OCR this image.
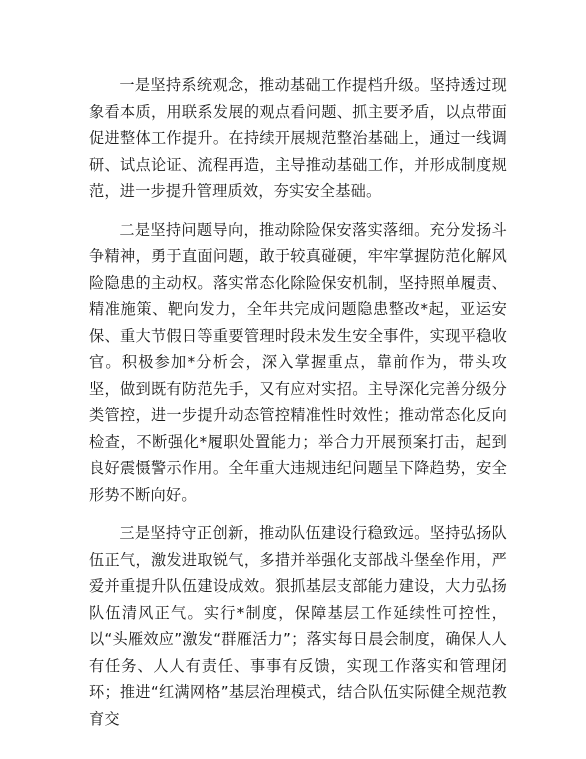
一是坚持系统观念，推动基础工作提档升级。坚持透过现象看本质，用联系发展的观点看问题、抓主要矛盾，以点带面促进整体工作提升。在持续开展规范整治基础上，通过一线调研、试点论证、流程再造，主导推动基础工作，并形成制度规范，进一步提升管理质效，夯实安全基础。

二是坚持问题导向，推动除险保安落实落细。充分发扬斗争精神，勇于直面问题，敢于较真碰硬，牢牢掌握防范化解风险隐患的主动权。落实常态化除险保安机制，坚持照单履责、精准施策、靶向发力，全年共完成问题隐患整改*起，亚运安保、重大节假日等重要管理时段未发生安全事件，实现平稳收官。积极参加*分析会，深入掌握重点，靠前作为，带头攻坚，做到既有防范先手，又有应对实招。主导深化完善分级分类管控，进一步提升动态管控精准性时效性；推动常态化反向检查，不断强化*履职处置能力；举合力开展预案打击，起到良好震慑警示作用。全年重大违规违纪问题呈下降趋势，安全形势不断向好。

三是坚持守正创新，推动队伍建设行稳致远。坚持弘扬队伍正气，激发进取锐气，多措并举强化支部战斗堡垒作用，严爱并重提升队伍建设成效。狠抓基层支部能力建设，大力弘扬队伍清风正气。实行*制度，保障基层工作延续性可控性，以“头雁效应”激发“群雁活力”；落实每日晨会制度，确保人人有任务、人人有责任、事事有反馈，实现工作落实和管理闭环；推进“红满网格”基层治理模式，结合队伍实际健全规范教育交
